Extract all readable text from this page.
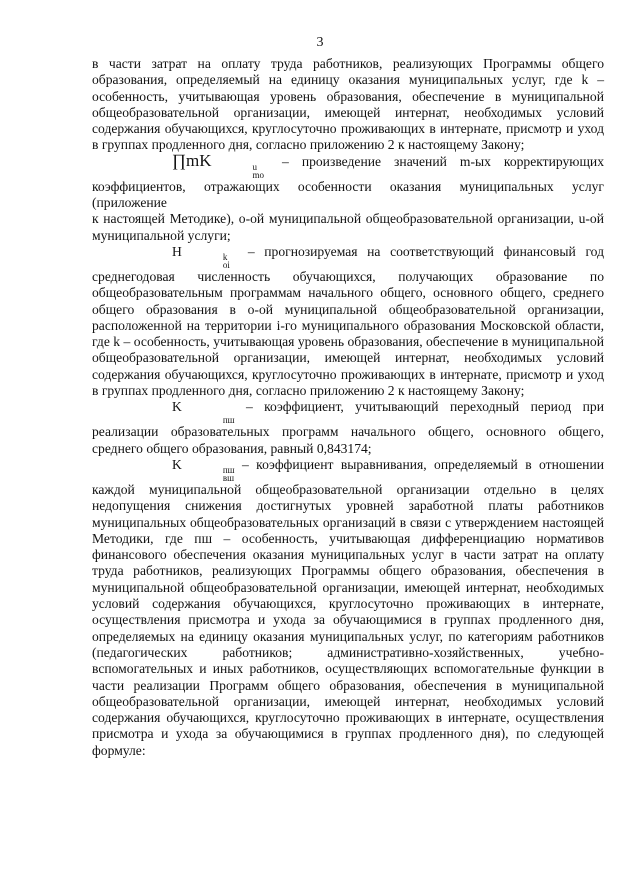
3

в части затрат на оплату труда работников, реализующих Программы общего образования, определяемый на единицу оказания муниципальных услуг, где k – особенность, учитывающая уровень образования, обеспечение в муниципальной общеобразовательной организации, имеющей интернат, необходимых условий содержания обучающихся, круглосуточно проживающих в интернате, присмотр и уход в группах продленного дня, согласно приложению 2 к настоящему Закону;

∏mK	u
mo
– произведение значений m-ых корректирующих коэффициентов, отражающих особенности оказания муниципальных услуг (приложение

к настоящей Методике), o-ой муниципальной общеобразовательной организации, u-ой муниципальной услуги;

H	k
oi
– прогнозируемая на соответствующий финансовый год среднегодовая численность обучающихся, получающих образование по общеобразовательным программам начального общего, основного общего, среднего общего образования в o-ой муниципальной общеобразовательной организации, расположенной на территории i-го муниципального образования Московской области, где k – особенность, учитывающая уровень образования, обеспечение в муниципальной общеобразовательной организации, имеющей интернат, необходимых условий содержания обучающихся, круглосуточно проживающих в интернате, присмотр и уход в группах продленного дня, согласно приложению 2 к настоящему Закону;

K

пш
– коэффициент, учитывающий переходный период при реализации образовательных программ начального общего, основного общего, среднего общего образования, равный 0,843174;

K	пш
вш
– коэффициент выравнивания, определяемый в отношении каждой муниципальной общеобразовательной организации отдельно в целях недопущения снижения достигнутых уровней заработной платы работников муниципальных общеобразовательных организаций в связи с утверждением настоящей Методики, где пш – особенность, учитывающая дифференциацию нормативов финансового обеспечения оказания муниципальных услуг в части затрат на оплату труда работников, реализующих Программы общего образования, обеспечения в муниципальной общеобразовательной организации, имеющей интернат, необходимых условий содержания обучающихся, круглосуточно проживающих в интернате, осуществления присмотра и ухода за обучающимися в группах продленного дня, определяемых на единицу оказания муниципальных услуг, по категориям работников (педагогических работников; административно-хозяйственных, учебно-вспомогательных и иных работников, осуществляющих вспомогательные функции в части реализации Программ общего образования, обеспечения в муниципальной общеобразовательной организации, имеющей интернат, необходимых условий содержания обучающихся, круглосуточно проживающих в интернате, осуществления присмотра и ухода за обучающимися в группах продленного дня), по следующей формуле:
